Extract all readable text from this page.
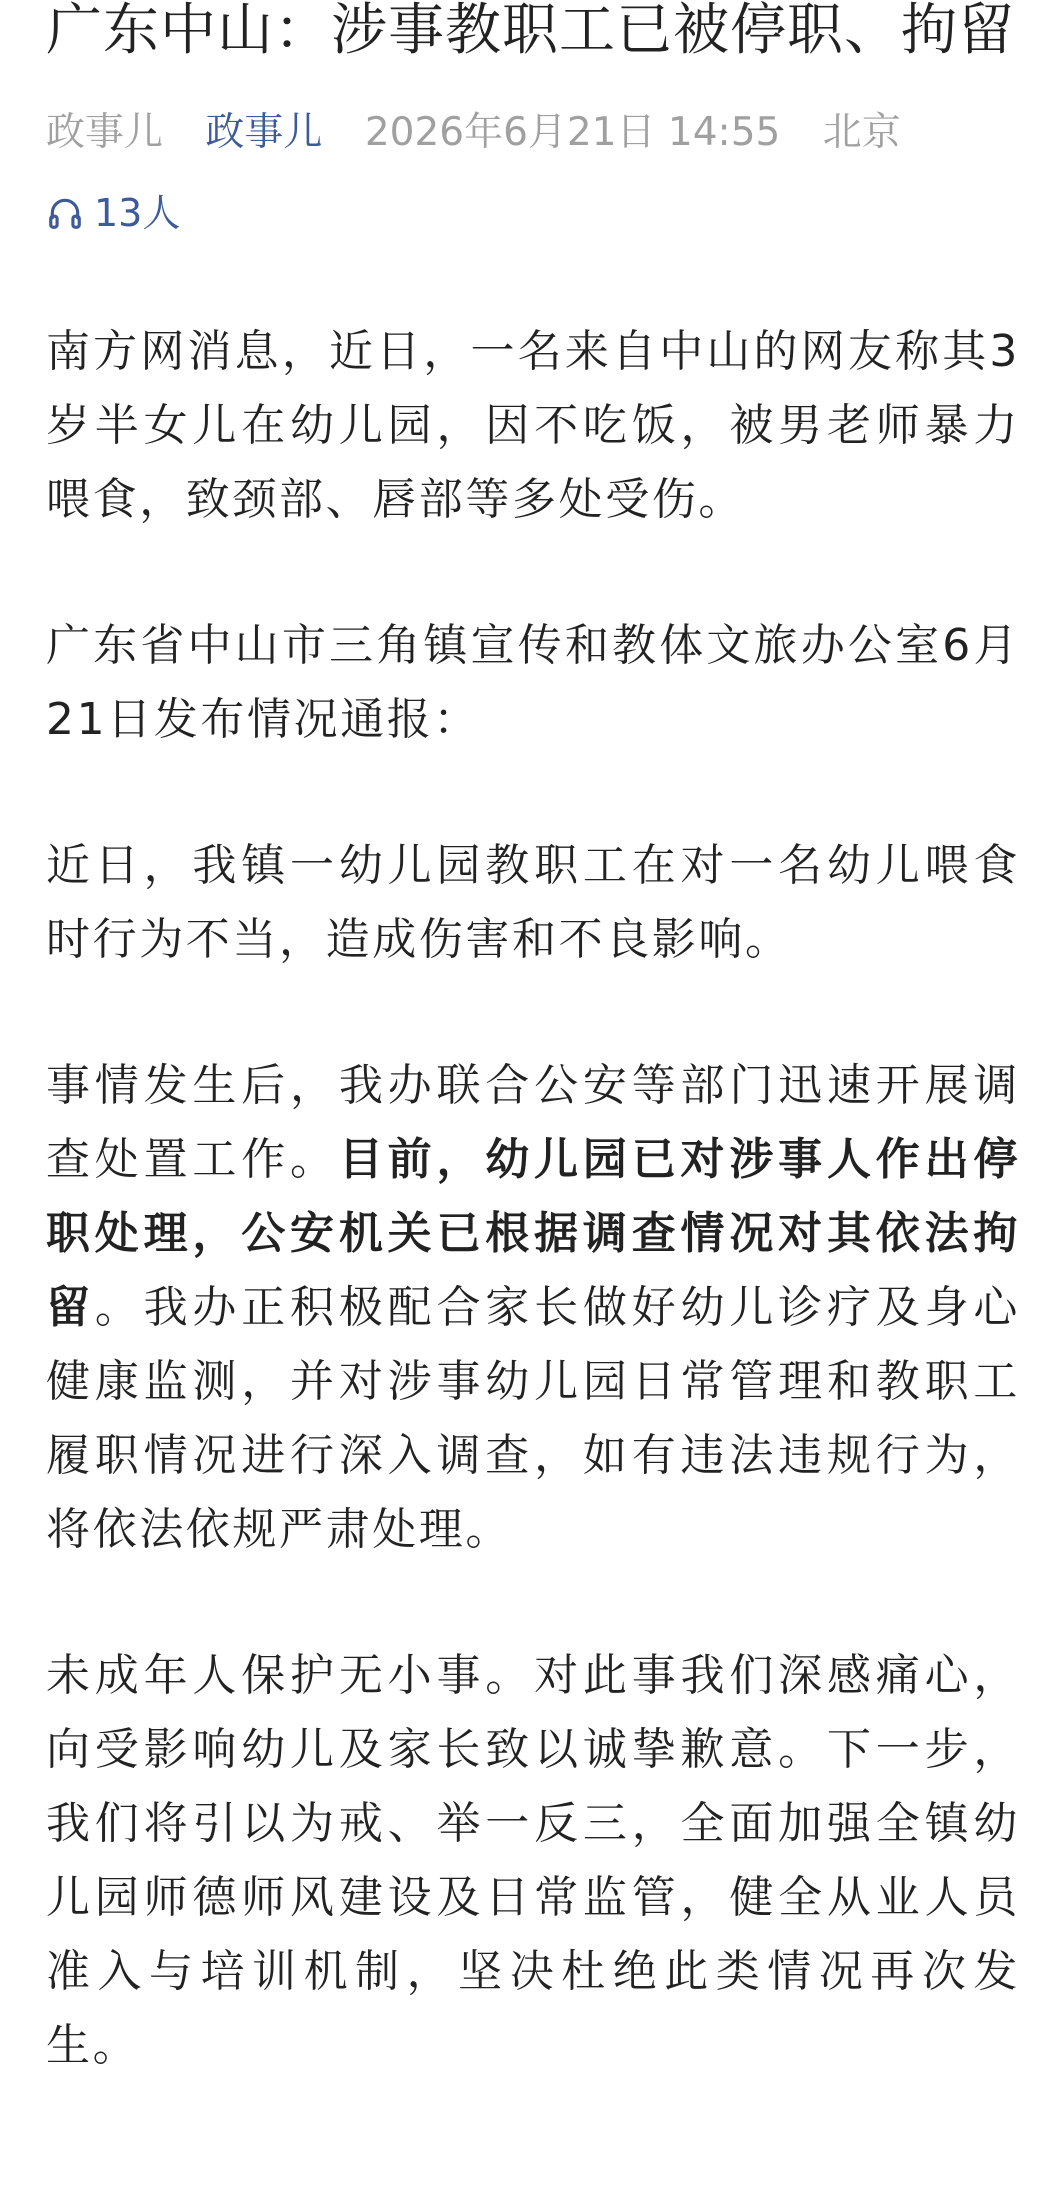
广东中山：涉事教职工已被停职、拘留
政事儿 政事儿 2026年6月21日 14:55 北京
13人

南方网消息，近日，一名来自中山的网友称其3岁半女儿在幼儿园，因不吃饭，被男老师暴力喂食，致颈部、唇部等多处受伤。

广东省中山市三角镇宣传和教体文旅办公室6月21日发布情况通报：

近日，我镇一幼儿园教职工在对一名幼儿喂食时行为不当，造成伤害和不良影响。

事情发生后，我办联合公安等部门迅速开展调查处置工作。目前，幼儿园已对涉事人作出停职处理，公安机关已根据调查情况对其依法拘留。我办正积极配合家长做好幼儿诊疗及身心健康监测，并对涉事幼儿园日常管理和教职工履职情况进行深入调查，如有违法违规行为，将依法依规严肃处理。

未成年人保护无小事。对此事我们深感痛心，向受影响幼儿及家长致以诚挚歉意。下一步，我们将引以为戒、举一反三，全面加强全镇幼儿园师德师风建设及日常监管，健全从业人员准入与培训机制，坚决杜绝此类情况再次发生。
